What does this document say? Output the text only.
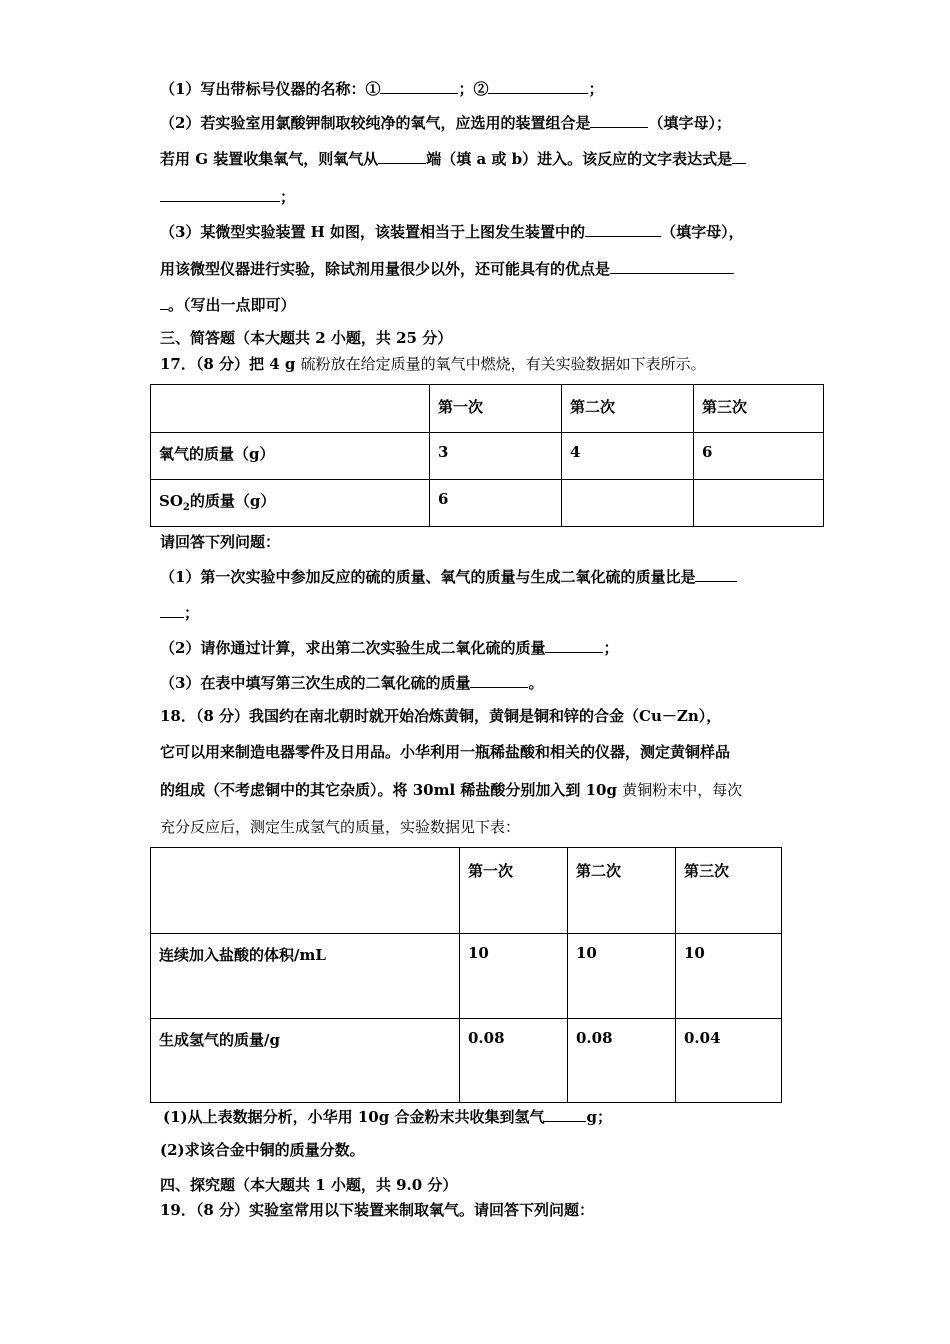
（1）写出带标号仪器的名称：①	；②	；
（2）若实验室用氯酸钾制取较纯净的氧气，应选用的装置组合是	（填字母）；
若用 G 装置收集氧气，则氧气从	端（填 a 或 b）进入。该反应的文字表达式是
；
（3）某微型实验装置 H 如图，该装置相当于上图发生装置中的	（填字母），
用该微型仪器进行实验，除试剂用量很少以外，还可能具有的优点是
。（写出一点即可）
三、简答题（本大题共 2 小题，共 25 分）
17．（8 分）把 4 g 硫粉放在给定质量的氧气中燃烧，有关实验数据如下表所示。
	第一次	第二次	第三次
氧气的质量（g）	3	4	6
$SO_2$的质量（g）	6		
请回答下列问题：
（1）第一次实验中参加反应的硫的质量、氧气的质量与生成二氧化硫的质量比是
；
（2）请你通过计算，求出第二次实验生成二氧化硫的质量	；
（3）在表中填写第三次生成的二氧化硫的质量	。
18．（8 分）我国约在南北朝时就开始冶炼黄铜，黄铜是铜和锌的合金（Cu－Zn），
它可以用来制造电器零件及日用品。小华利用一瓶稀盐酸和相关的仪器，测定黄铜样品
的组成（不考虑铜中的其它杂质）。将 30ml 稀盐酸分别加入到 10g 黄铜粉末中，每次
充分反应后，测定生成氢气的质量，实验数据见下表：
	第一次	第二次	第三次
连续加入盐酸的体积/mL	10	10	10
生成氢气的质量/g	0.08	0.08	0.04
(1)从上表数据分析，小华用 10g 合金粉末共收集到氢气	g；
(2)求该合金中铜的质量分数。
四、探究题（本大题共 1 小题，共 9.0 分）
19．（8 分）实验室常用以下装置来制取氧气。请回答下列问题：
